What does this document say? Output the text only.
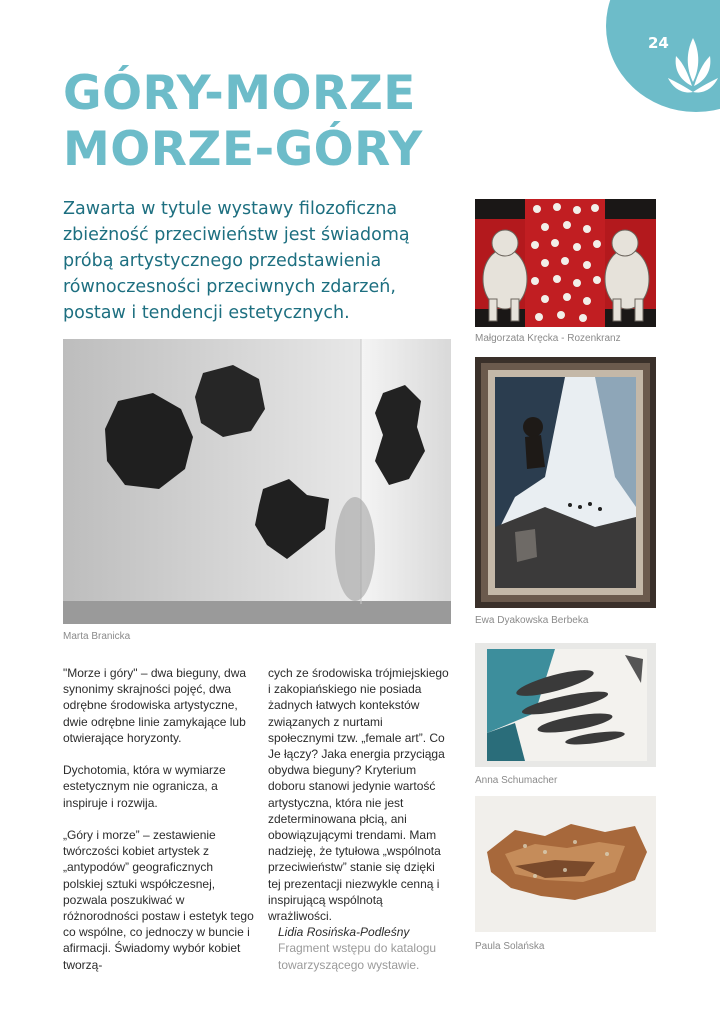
24
GÓRY-MORZE
MORZE-GÓRY
Zawarta w tytule wystawy filozoficzna zbieżność przeciwieństw jest świadomą próbą artystycznego przedstawienia równoczesności przeciwnych zdarzeń, postaw i tendencji estetycznych.
Małgorzata Kręcka - Rozenkranz
Marta Branicka
Ewa Dyakowska Berbeka
Anna Schumacher
Paula Solańska

"Morze i góry" – dwa bieguny, dwa synonimy skrajności pojęć, dwa odrębne środowiska artystyczne, dwie odrębne linie zamykające lub otwierające horyzonty.

Dychotomia, która w wymiarze estetycznym nie ogranicza, a inspiruje i rozwija.

„Góry i morze” – zestawienie twórczości kobiet artystek z „antypodów” geograficznych polskiej sztuki współczesnej, pozwala poszukiwać w różnorodności postaw i estetyk tego co wspólne, co jednoczy w buncie i afirmacji. Świadomy wybór kobiet tworzą-

cych ze środowiska trójmiejskiego i zakopiańskiego nie posiada żadnych łatwych kontekstów związanych z nurtami społecznymi tzw. „female art”. Co Je łączy? Jaka energia przyciąga obydwa bieguny? Kryterium doboru stanowi jedynie wartość artystyczna, która nie jest zdeterminowana płcią, ani obowiązującymi trendami. Mam nadzieję, że tytułowa „wspólnota przeciwieństw” stanie się dzięki tej prezentacji niezwykle cenną i inspirującą wspólnotą wrażliwości.
Lidia Rosińska-Podleśny
Fragment wstępu do katalogu towarzyszącego wystawie.
